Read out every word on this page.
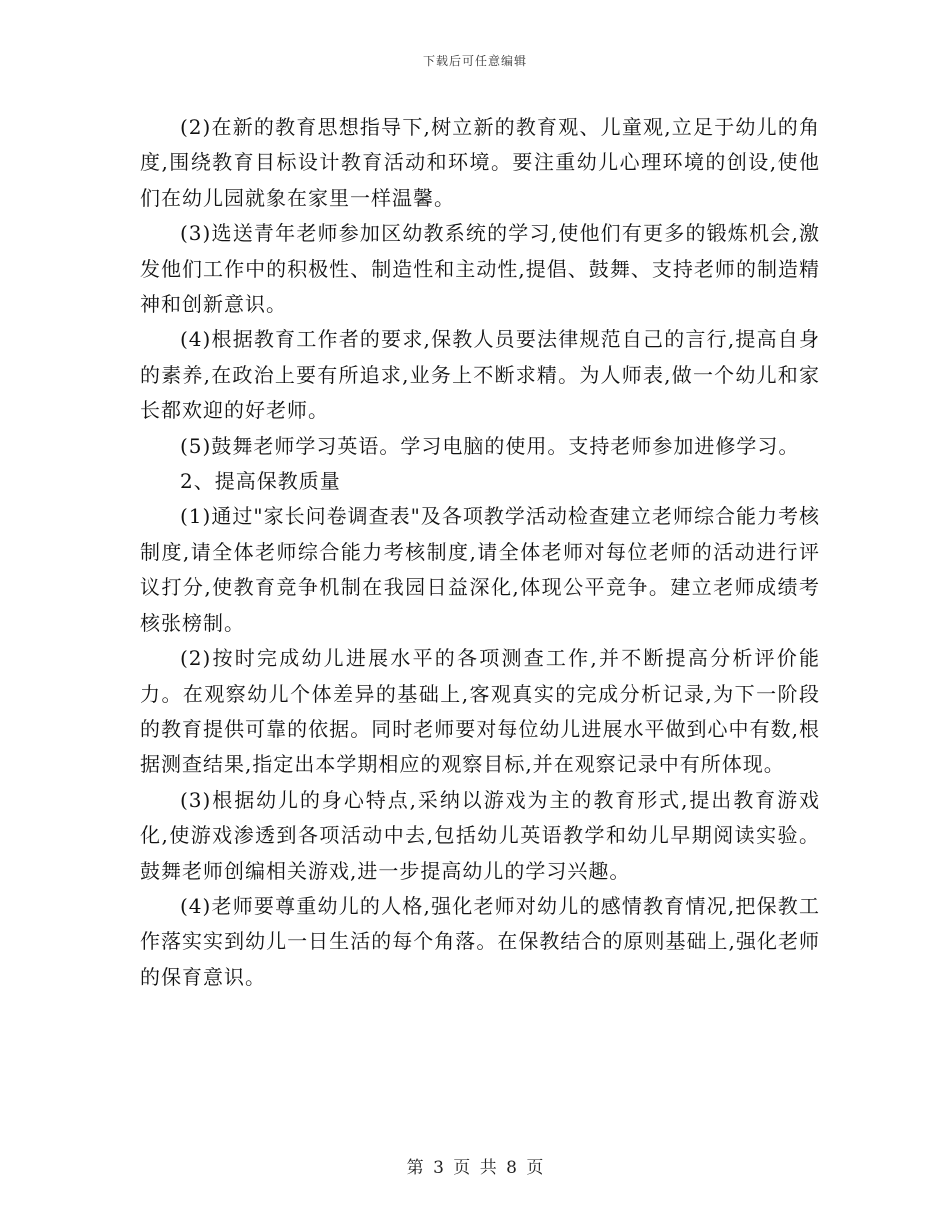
下载后可任意编辑

(2)在新的教育思想指导下,树立新的教育观、儿童观,立足于幼儿的角度,围绕教育目标设计教育活动和环境。要注重幼儿心理环境的创设,使他们在幼儿园就象在家里一样温馨。

(3)选送青年老师参加区幼教系统的学习,使他们有更多的锻炼机会,激发他们工作中的积极性、制造性和主动性,提倡、鼓舞、支持老师的制造精神和创新意识。

(4)根据教育工作者的要求,保教人员要法律规范自己的言行,提高自身的素养,在政治上要有所追求,业务上不断求精。为人师表,做一个幼儿和家长都欢迎的好老师。

(5)鼓舞老师学习英语。学习电脑的使用。支持老师参加进修学习。

2、提高保教质量

(1)通过"家长问卷调查表"及各项教学活动检查建立老师综合能力考核制度,请全体老师综合能力考核制度,请全体老师对每位老师的活动进行评议打分,使教育竞争机制在我园日益深化,体现公平竞争。建立老师成绩考核张榜制。

(2)按时完成幼儿进展水平的各项测查工作,并不断提高分析评价能力。在观察幼儿个体差异的基础上,客观真实的完成分析记录,为下一阶段的教育提供可靠的依据。同时老师要对每位幼儿进展水平做到心中有数,根据测查结果,指定出本学期相应的观察目标,并在观察记录中有所体现。

(3)根据幼儿的身心特点,采纳以游戏为主的教育形式,提出教育游戏化,使游戏渗透到各项活动中去,包括幼儿英语教学和幼儿早期阅读实验。鼓舞老师创编相关游戏,进一步提高幼儿的学习兴趣。

(4)老师要尊重幼儿的人格,强化老师对幼儿的感情教育情况,把保教工作落实实到幼儿一日生活的每个角落。在保教结合的原则基础上,强化老师的保育意识。

第 3 页 共 8 页
